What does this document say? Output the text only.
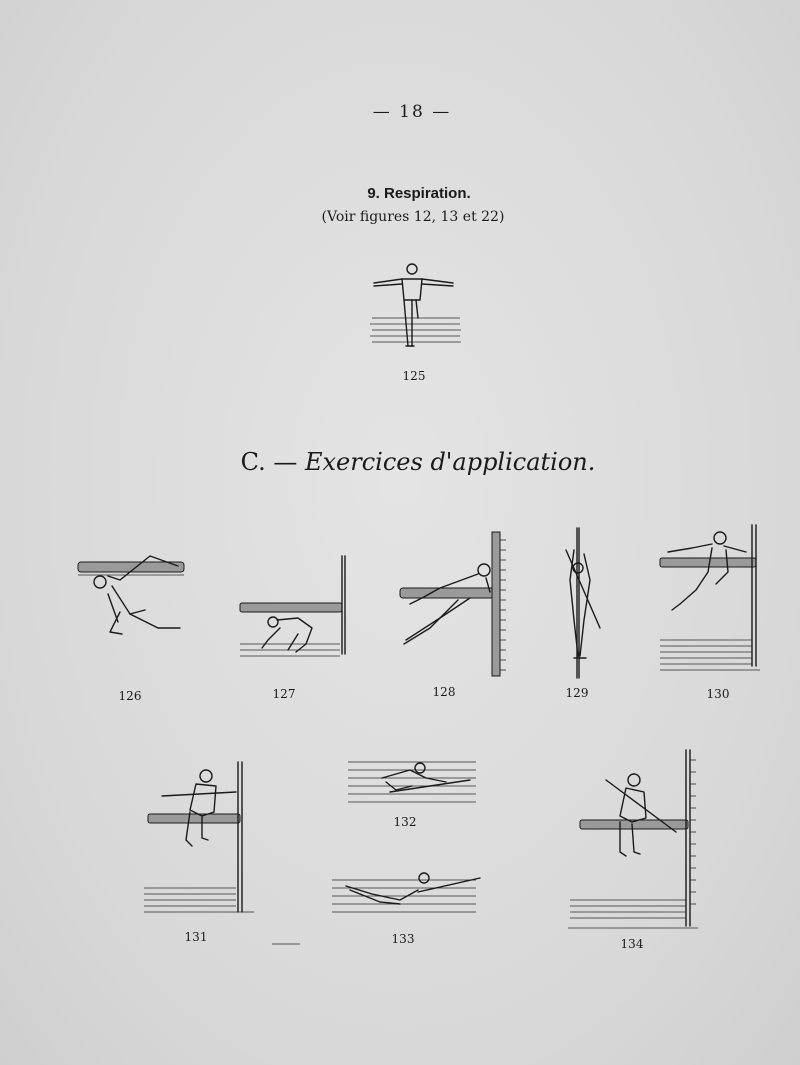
— 18 —
9. Respiration.
(Voir figures 12, 13 et 22)
C. — Exercices d'application.
125
126	127	128	129	130
131
132
133	134
